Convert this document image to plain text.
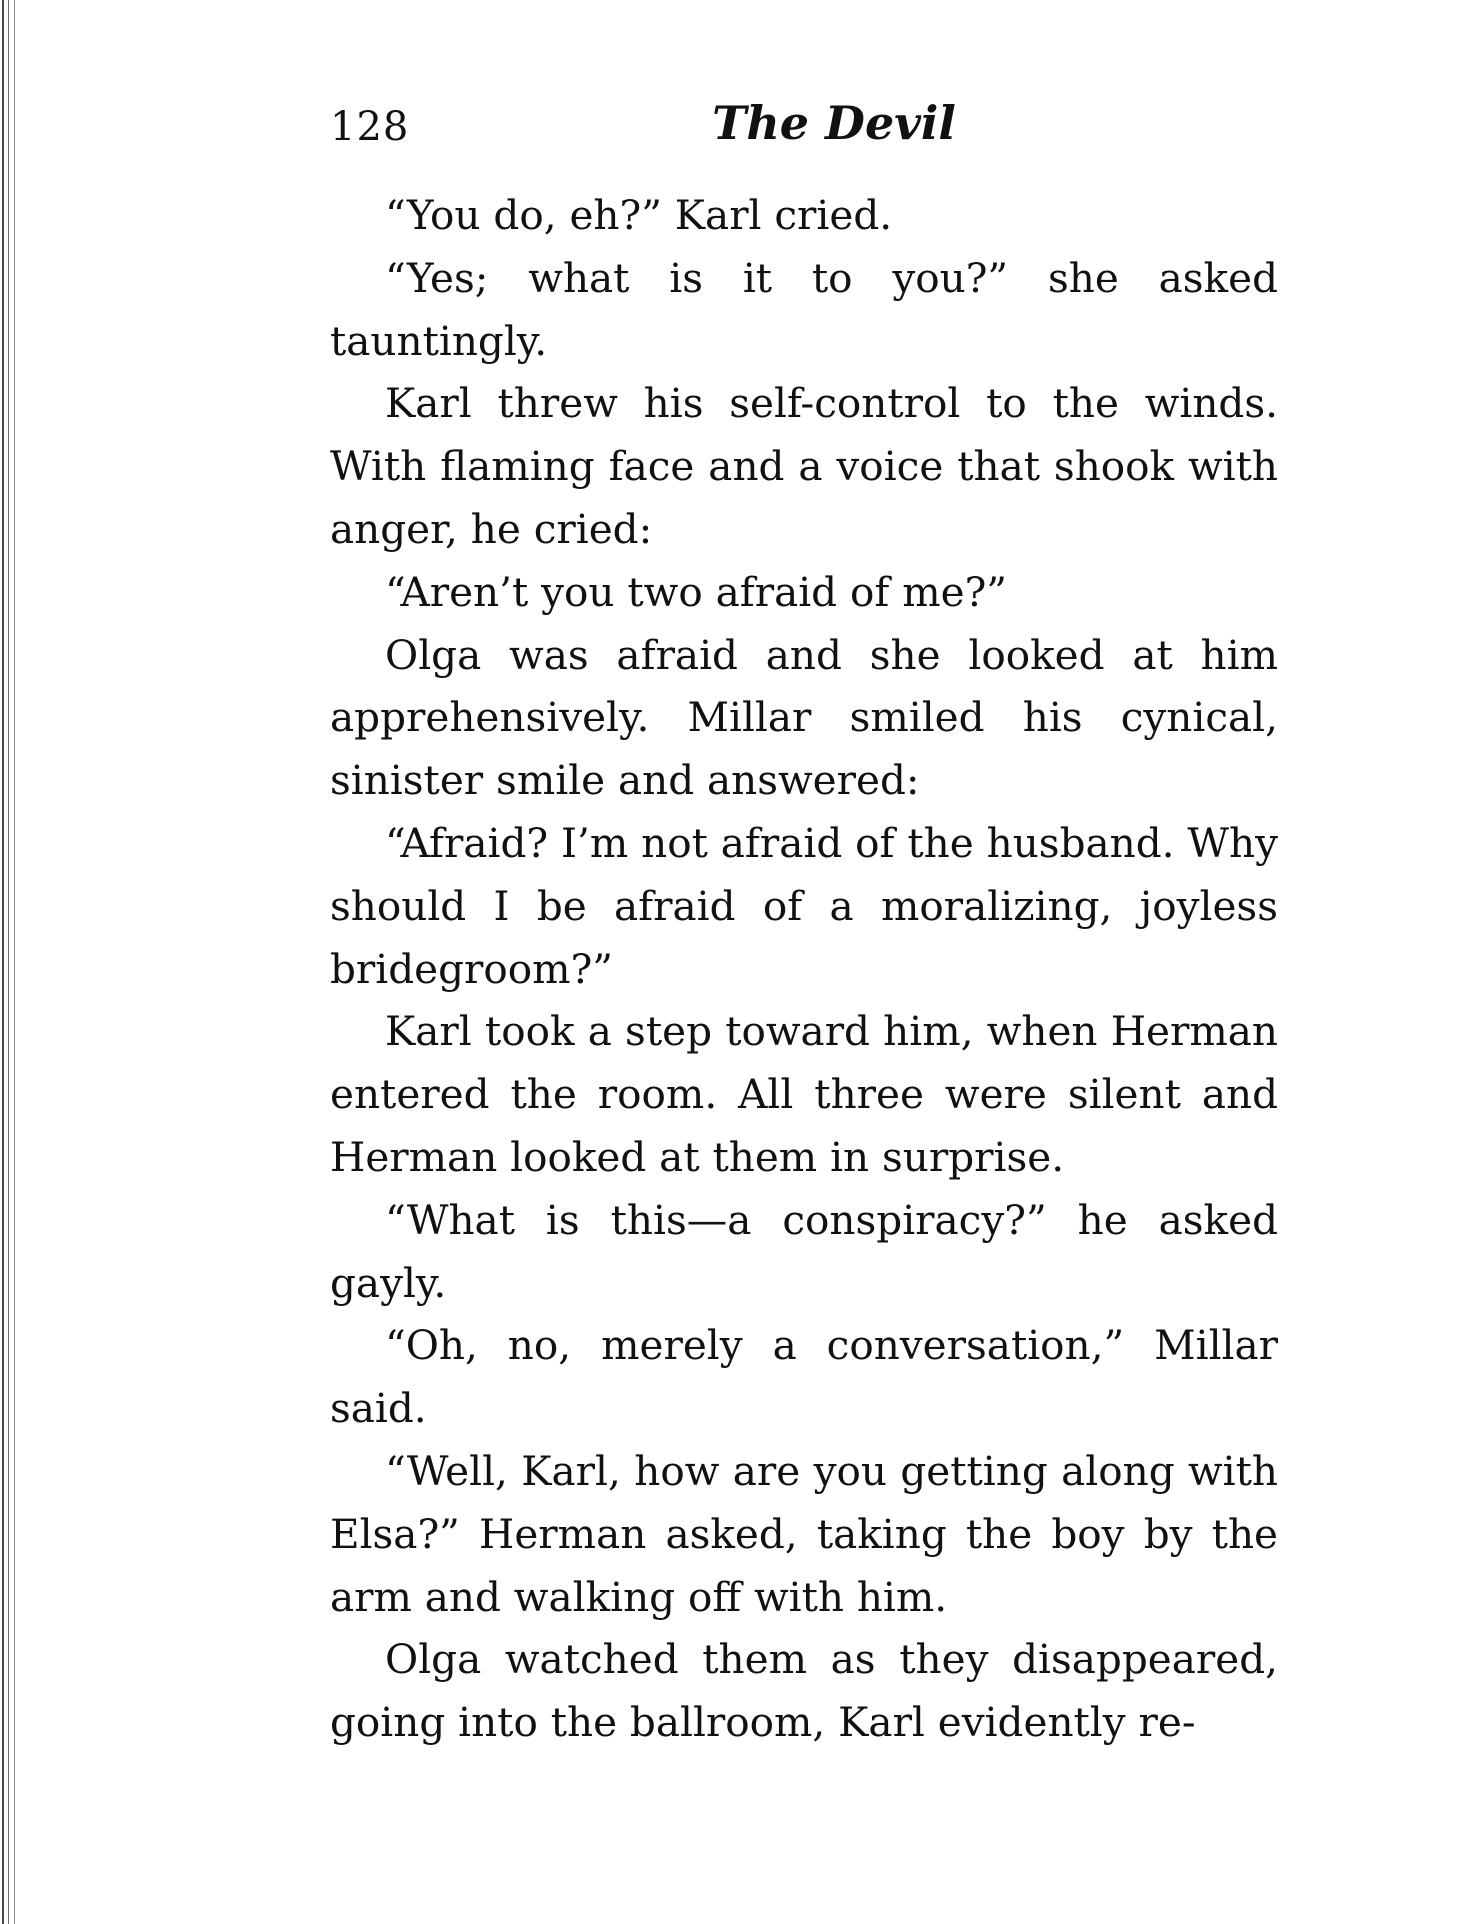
128	The Devil

“You do, eh?” Karl cried.

“Yes; what is it to you?” she asked tauntingly.

Karl threw his self-control to the winds. With flaming face and a voice that shook with anger, he cried:

“Aren’t you two afraid of me?”

Olga was afraid and she looked at him apprehensively. Millar smiled his cynical, sinister smile and answered:

“Afraid? I’m not afraid of the husband. Why should I be afraid of a moralizing, joyless bridegroom?”

Karl took a step toward him, when Herman entered the room. All three were silent and Herman looked at them in surprise.

“What is this—a conspiracy?” he asked gayly.

“Oh, no, merely a conversation,” Millar said.

“Well, Karl, how are you getting along with Elsa?” Herman asked, taking the boy by the arm and walking off with him.

Olga watched them as they disappeared, going into the ballroom, Karl evidently re-
